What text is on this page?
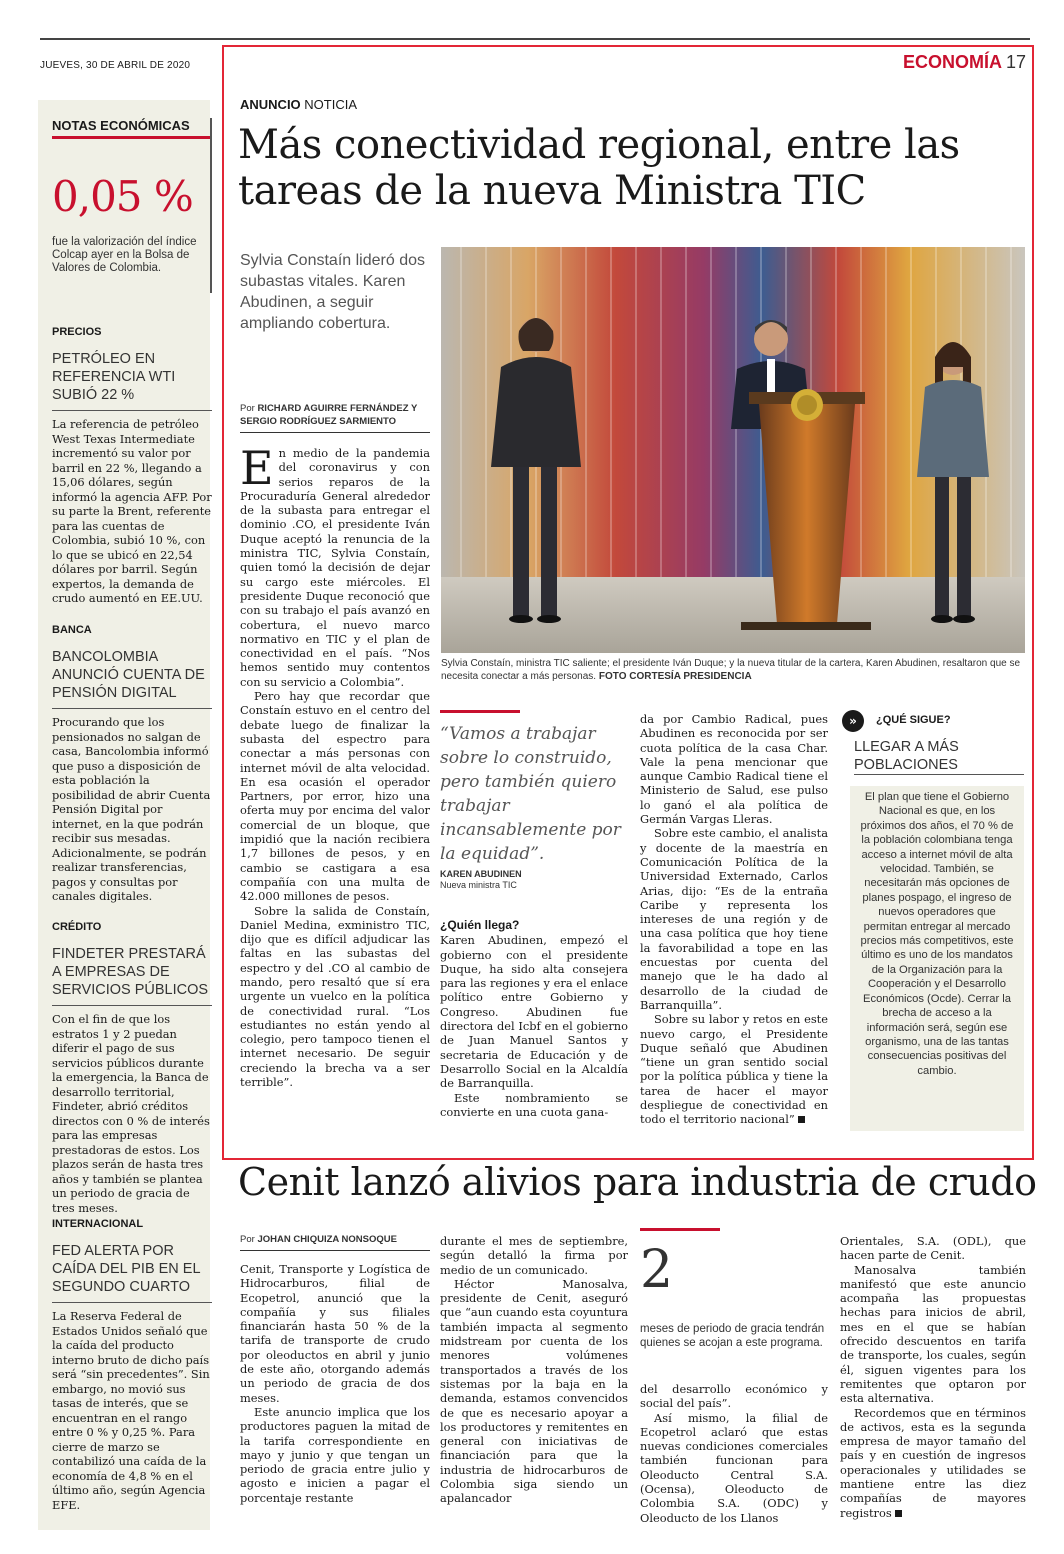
JUEVES, 30 DE ABRIL DE 2020	ECONOMÍA 17
NOTAS ECONÓMICAS
0,05 %
fue la valorización del índice Colcap ayer en la Bolsa de Valores de Colombia.
PRECIOS
PETRÓLEO EN REFERENCIA WTI SUBIÓ 22 %
La referencia de petróleo West Texas Intermediate incrementó su valor por barril en 22 %, llegando a 15,06 dólares, según informó la agencia AFP. Por su parte la Brent, referente para las cuentas de Colombia, subió 10 %, con lo que se ubicó en 22,54 dólares por barril. Según expertos, la demanda de crudo aumentó en EE.UU.
BANCA
BANCOLOMBIA ANUNCIÓ CUENTA DE PENSIÓN DIGITAL
Procurando que los pensionados no salgan de casa, Bancolombia informó que puso a disposición de esta población la posibilidad de abrir Cuenta Pensión Digital por internet, en la que podrán recibir sus mesadas. Adicionalmente, se podrán realizar transferencias, pagos y consultas por canales digitales.
CRÉDITO
FINDETER PRESTARÁ A EMPRESAS DE SERVICIOS PÚBLICOS
Con el fin de que los estratos 1 y 2 puedan diferir el pago de sus servicios públicos durante la emergencia, la Banca de desarrollo territorial, Findeter, abrió créditos directos con 0 % de interés para las empresas prestadoras de estos. Los plazos serán de hasta tres años y también se plantea un periodo de gracia de tres meses.
INTERNACIONAL
FED ALERTA POR CAÍDA DEL PIB EN EL SEGUNDO CUARTO
La Reserva Federal de Estados Unidos señaló que la caída del producto interno bruto de dicho país será “sin precedentes”. Sin embargo, no movió sus tasas de interés, que se encuentran en el rango entre 0 % y 0,25 %. Para cierre de marzo se contabilizó una caída de la economía de 4,8 % en el último año, según Agencia EFE.
ANUNCIO NOTICIA
Más conectividad regional, entre las tareas de la nueva Ministra TIC
Sylvia Constaín lideró dos subastas vitales. Karen Abudinen, a seguir ampliando cobertura.
Por RICHARD AGUIRRE FERNÁNDEZ Y SERGIO RODRÍGUEZ SARMIENTO

En medio de la pandemia del coronavirus y con serios reparos de la Procuraduría General alrededor de la subasta para entregar el dominio .CO, el presidente Iván Duque aceptó la renuncia de la ministra TIC, Sylvia Constaín, quien tomó la decisión de dejar su cargo este miércoles. El presidente Duque reconoció que con su trabajo el país avanzó en cobertura, el nuevo marco normativo en TIC y el plan de conectividad en el país. “Nos hemos sentido muy contentos con su servicio a Colombia”.

Pero hay que recordar que Constaín estuvo en el centro del debate luego de finalizar la subasta del espectro para conectar a más personas con internet móvil de alta velocidad. En esa ocasión el operador Partners, por error, hizo una oferta muy por encima del valor comercial de un bloque, que impidió que la nación recibiera 1,7 billones de pesos, y en cambio se castigara a esa compañía con una multa de 42.000 millones de pesos.

Sobre la salida de Constaín, Daniel Medina, exministro TIC, dijo que es difícil adjudicar las faltas en las subastas del espectro y del .CO al cambio de mando, pero resaltó que sí era urgente un vuelco en la política de conectividad rural. “Los estudiantes no están yendo al colegio, pero tampoco tienen el internet necesario. De seguir creciendo la brecha va a ser terrible”.

Sylvia Constaín, ministra TIC saliente; el presidente Iván Duque; y la nueva titular de la cartera, Karen Abudinen, resaltaron que se necesita conectar a más personas. FOTO CORTESÍA PRESIDENCIA
“Vamos a trabajar sobre lo construido, pero también quiero trabajar incansablemente por la equidad”.
KAREN ABUDINEN
Nueva ministra TIC
¿Quién llega?

Karen Abudinen, empezó el gobierno con el presidente Duque, ha sido alta consejera para las regiones y era el enlace político entre Gobierno y Congreso. Abudinen fue directora del Icbf en el gobierno de Juan Manuel Santos y secretaria de Educación y de Desarrollo Social en la Alcaldía de Barranquilla.

Este nombramiento se convierte en una cuota gana-

da por Cambio Radical, pues Abudinen es reconocida por ser cuota política de la casa Char. Vale la pena mencionar que aunque Cambio Radical tiene el Ministerio de Salud, ese pulso lo ganó el ala política de Germán Vargas Lleras.

Sobre este cambio, el analista y docente de la maestría en Comunicación Política de la Universidad Externado, Carlos Arias, dijo: “Es de la entraña Caribe y representa los intereses de una región y de una casa política que hoy tiene la favorabilidad a tope en las encuestas por cuenta del manejo que le ha dado al desarrollo de la ciudad de Barranquilla”.

Sobre su labor y retos en este nuevo cargo, el Presidente Duque señaló que Abudinen “tiene un gran sentido social por la política pública y tiene la tarea de hacer el mayor despliegue de conectividad en todo el territorio nacional”

»	¿QUÉ SIGUE?
LLEGAR A MÁS POBLACIONES
El plan que tiene el Gobierno Nacional es que, en los próximos dos años, el 70 % de la población colombiana tenga acceso a internet móvil de alta velocidad. También, se necesitarán más opciones de planes pospago, el ingreso de nuevos operadores que permitan entregar al mercado precios más competitivos, este último es uno de los mandatos de la Organización para la Cooperación y el Desarrollo Económicos (Ocde). Cerrar la brecha de acceso a la información será, según ese organismo, una de las tantas consecuencias positivas del cambio.
Cenit lanzó alivios para industria de crudo
Por JOHAN CHIQUIZA NONSOQUE

Cenit, Transporte y Logística de Hidrocarburos, filial de Ecopetrol, anunció que la compañía y sus filiales financiarán hasta 50 % de la tarifa de transporte de crudo por oleoductos en abril y junio de este año, otorgando además un periodo de gracia de dos meses.

Este anuncio implica que los productores paguen la mitad de la tarifa correspondiente en mayo y junio y que tengan un periodo de gracia entre julio y agosto e inicien a pagar el porcentaje restante

durante el mes de septiembre, según detalló la firma por medio de un comunicado.

Héctor Manosalva, presidente de Cenit, aseguró que “aun cuando esta coyuntura también impacta al segmento midstream por cuenta de los menores volúmenes transportados a través de los sistemas por la baja en la demanda, estamos convencidos de que es necesario apoyar a los productores y remitentes en general con iniciativas de financiación para que la industria de hidrocarburos de Colombia siga siendo un apalancador

2
meses de periodo de gracia tendrán quienes se acojan a este programa.

del desarrollo económico y social del país”.

Así mismo, la filial de Ecopetrol aclaró que estas nuevas condiciones comerciales también funcionan para Oleoducto Central S.A. (Ocensa), Oleoducto de Colombia S.A. (ODC) y Oleoducto de los Llanos

Orientales, S.A. (ODL), que hacen parte de Cenit.

Manosalva también manifestó que este anuncio acompaña las propuestas hechas para inicios de abril, mes en el que se habían ofrecido descuentos en tarifa de transporte, los cuales, según él, siguen vigentes para los remitentes que optaron por esta alternativa.

Recordemos que en términos de activos, esta es la segunda empresa de mayor tamaño del país y en cuestión de ingresos operacionales y utilidades se mantiene entre las diez compañías de mayores registros
